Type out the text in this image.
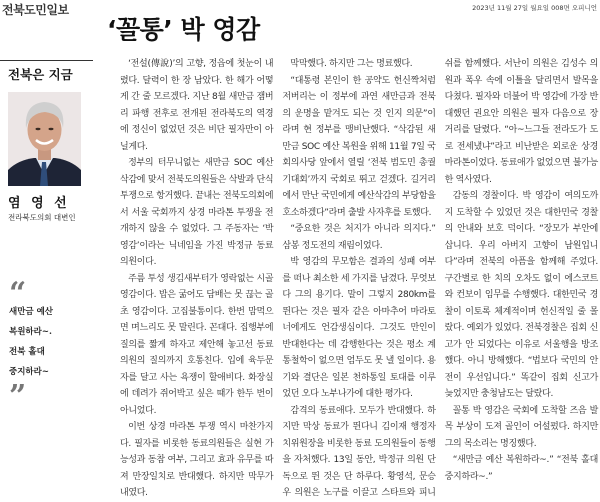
전북도민일보	2023년 11월 27일 월요일 008면 오피니언
‘꼴통’ 박 영감
전북은 지금
염 영 선
전라북도의회 대변인
“
새만금 예산
복원하라~.
전북 홀대
중지하라~
”

‘전설(傳說)’의 고향, 정읍에 첫눈이 내렸다. 달력이 한 장 남았다. 한 해가 어떻게 간 줄 모르겠다. 지난 8월 새만금 잼버리 파행 전후로 전개된 전라북도의 역경에 정신이 없었던 것은 비단 필자만이 아닐게다.

정부의 터무니없는 새만금 SOC 예산삭감에 맞서 전북도의원들은 삭발과 단식투쟁으로 항거했다. 끝내는 전북도의회에서 서울 국회까지 상경 마라톤 투쟁을 전개하지 않을 수 없었다. 그 주동자는 ‘박 영감’이라는 닉네임을 가진 박정규 동료의원이다.

주름 투성 생김새부터가 영락없는 시골 영감이다. 밥은 굶어도 담배는 못 끊는 골초 영감이다. 고집불통이다. 한번 맘먹으면 며느리도 못 말린다. 꼰대다. 집행부에 질의를 짧게 하자고 제안해 놓고선 동료의원의 질의까지 호통친다. 입에 육두문자를 달고 사는 욕쟁이 할애비다. 화장실에 데려가 쥐어박고 싶은 때가 한두 번이 아니었다.

이번 상경 마라톤 투쟁 역시 마찬가지다. 필자를 비롯한 동료의원들은 실현 가능성과 동참 여부, 그리고 효과 유무를 따져 만장일치로 반대했다. 하지만 막무가내였다.

막막했다. 하지만 그는 명료했다.

“대통령 본인이 한 공약도 헌신짝처럼 저버리는 이 정부에 과연 새만금과 전북의 운명을 맡겨도 되는 것 인지 의문”이라며 현 정부를 맹비난했다. “삭감된 새만금 SOC 예산 복원을 위해 11월 7일 국회의사당 앞에서 열릴 ‘전북 범도민 총궐기대회’까지 국회로 뛰고 걷겠다. 길거리에서 만난 국민에게 예산삭감의 부당함을 호소하겠다”라며 출발 사자후를 토했다.

“중요한 것은 처지가 아니라 의지다.” 삼봉 정도전의 재림이었다.

박 영감의 무모함은 결과의 성패 여부를 떠나 최소한 세 가지를 남겼다. 무엇보다 그의 용기다. 말이 그렇지 280km를 뛴다는 것은 필자 같은 아마추어 마라토너에게도 언감생심이다. 그것도 만인이 반대한다는 데 감행한다는 것은 평소 계통철학이 없으면 엄두도 못 낼 일이다. 용기와 결단은 일본 천하통일 토대를 이루었던 오다 노부나가에 대한 평가다.

감격의 동료애다. 모두가 반대했다. 하지만 막상 동료가 뛴다니 김이재 행정자치위원장을 비롯한 동료 도의원들이 동행을 자처했다. 13일 동안, 박정규 의원 단독으로 뛴 것은 단 하루다. 황영석, 문승우 의원은 노구를 이끌고 스타트와 피니쉬를 함께했다. 서난이 의원은 김성수 의원과 폭우 속에 이틀을 달리면서 발목을 다쳤다. 필자와 더불어 박 영감에 가장 반대했던 권요안 의원은 필자 다음으로 장거리를 달렸다. “아~느그들 전라도가 도로 전세냈냐”라고 비난받은 외로운 상경 마라톤이었다. 동료애가 없었으면 불가능한 역사였다.

감동의 경찰이다. 박 영감이 여의도까지 도착할 수 있었던 것은 대한민국 경찰의 안내와 보호 덕이다. “장모가 부안에 삽니다. 우리 아버지 고향이 남원입니다”라며 전북의 아픔을 함께해 주었다. 구간별로 한 치의 오차도 없이 에스코트와 컨보이 임무를 수행했다. 대한민국 경찰이 이토록 체계적이며 헌신적일 줄 몰랐다. 예외가 있었다. 전북경찰은 집회 신고가 안 되었다는 이유로 서울행을 방조했다. 아니 방해했다. “법보다 국민의 안전이 우선입니다.” 똑같이 집회 신고가 늦었지만 충청남도는 달랐다.

꼴통 박 영감은 국회에 도착할 즈음 발목 부상이 도져 골인이 어설펐다. 하지만 그의 목소리는 명징했다.

“새만금 예산 복원하라~.” “전북 홀대 중지하라~.”
